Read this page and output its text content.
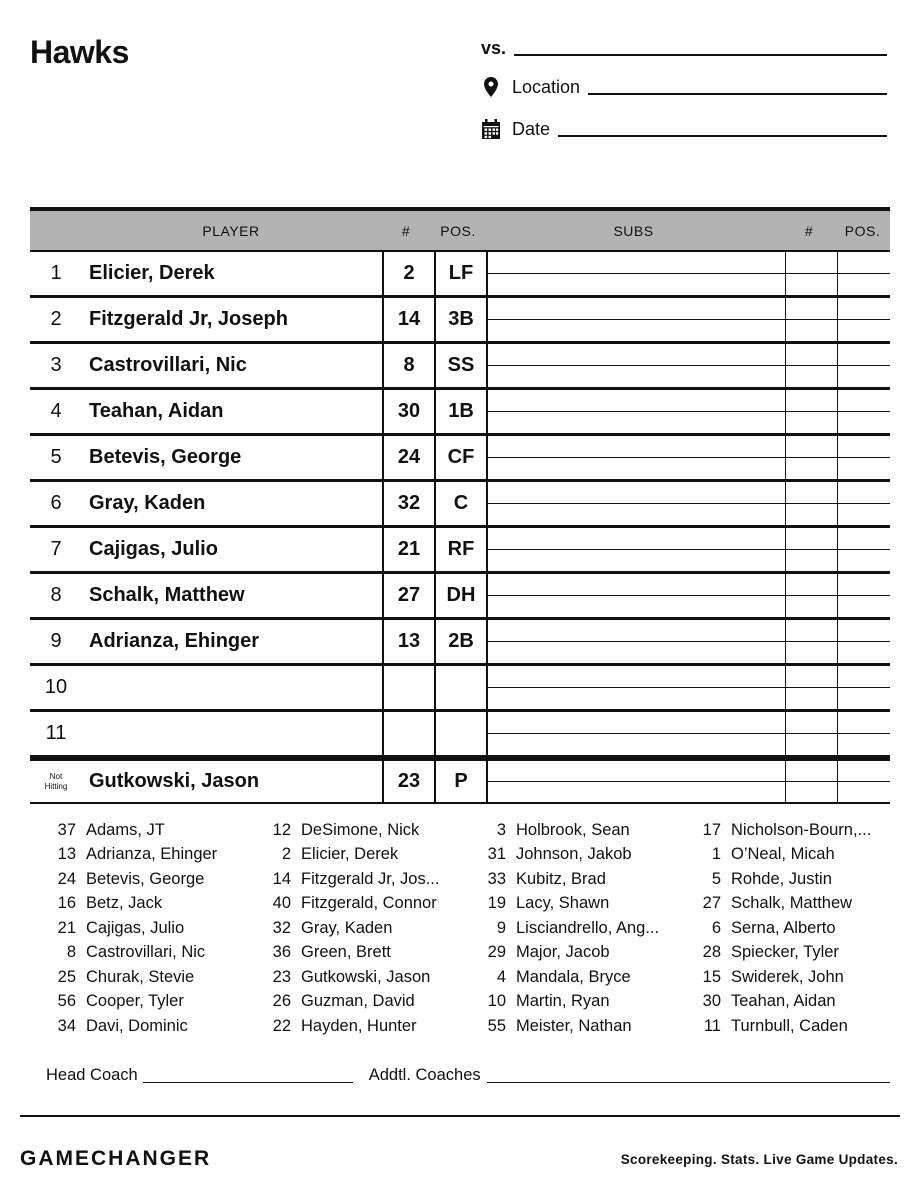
Hawks	vs.
Location
Date
PLAYER	#	POS.	SUBS	#	POS.
1	Elicier, Derek	2	LF
2	Fitzgerald Jr, Joseph	14	3B
3	Castrovillari, Nic	8	SS
4	Teahan, Aidan	30	1B
5	Betevis, George	24	CF
6	Gray, Kaden	32	C
7	Cajigas, Julio	21	RF
8	Schalk, Matthew	27	DH
9	Adrianza, Ehinger	13	2B
10
11
Not
Hitting	Gutkowski, Jason	23	P
37 Adams, JT
13 Adrianza, Ehinger
24 Betevis, George
16 Betz, Jack
21 Cajigas, Julio
8 Castrovillari, Nic
25 Churak, Stevie
56 Cooper, Tyler
34 Davi, Dominic
12 DeSimone, Nick
2 Elicier, Derek
14 Fitzgerald Jr, Jos...
40 Fitzgerald, Connor
32 Gray, Kaden
36 Green, Brett
23 Gutkowski, Jason
26 Guzman, David
22 Hayden, Hunter
3 Holbrook, Sean
31 Johnson, Jakob
33 Kubitz, Brad
19 Lacy, Shawn
9 Lisciandrello, Ang...
29 Major, Jacob
4 Mandala, Bryce
10 Martin, Ryan
55 Meister, Nathan
17 Nicholson-Bourn,...
1 O’Neal, Micah
5 Rohde, Justin
27 Schalk, Matthew
6 Serna, Alberto
28 Spiecker, Tyler
15 Swiderek, John
30 Teahan, Aidan
11 Turnbull, Caden
Head Coach	Addtl. Coaches
GAMECHANGER	Scorekeeping. Stats. Live Game Updates.
